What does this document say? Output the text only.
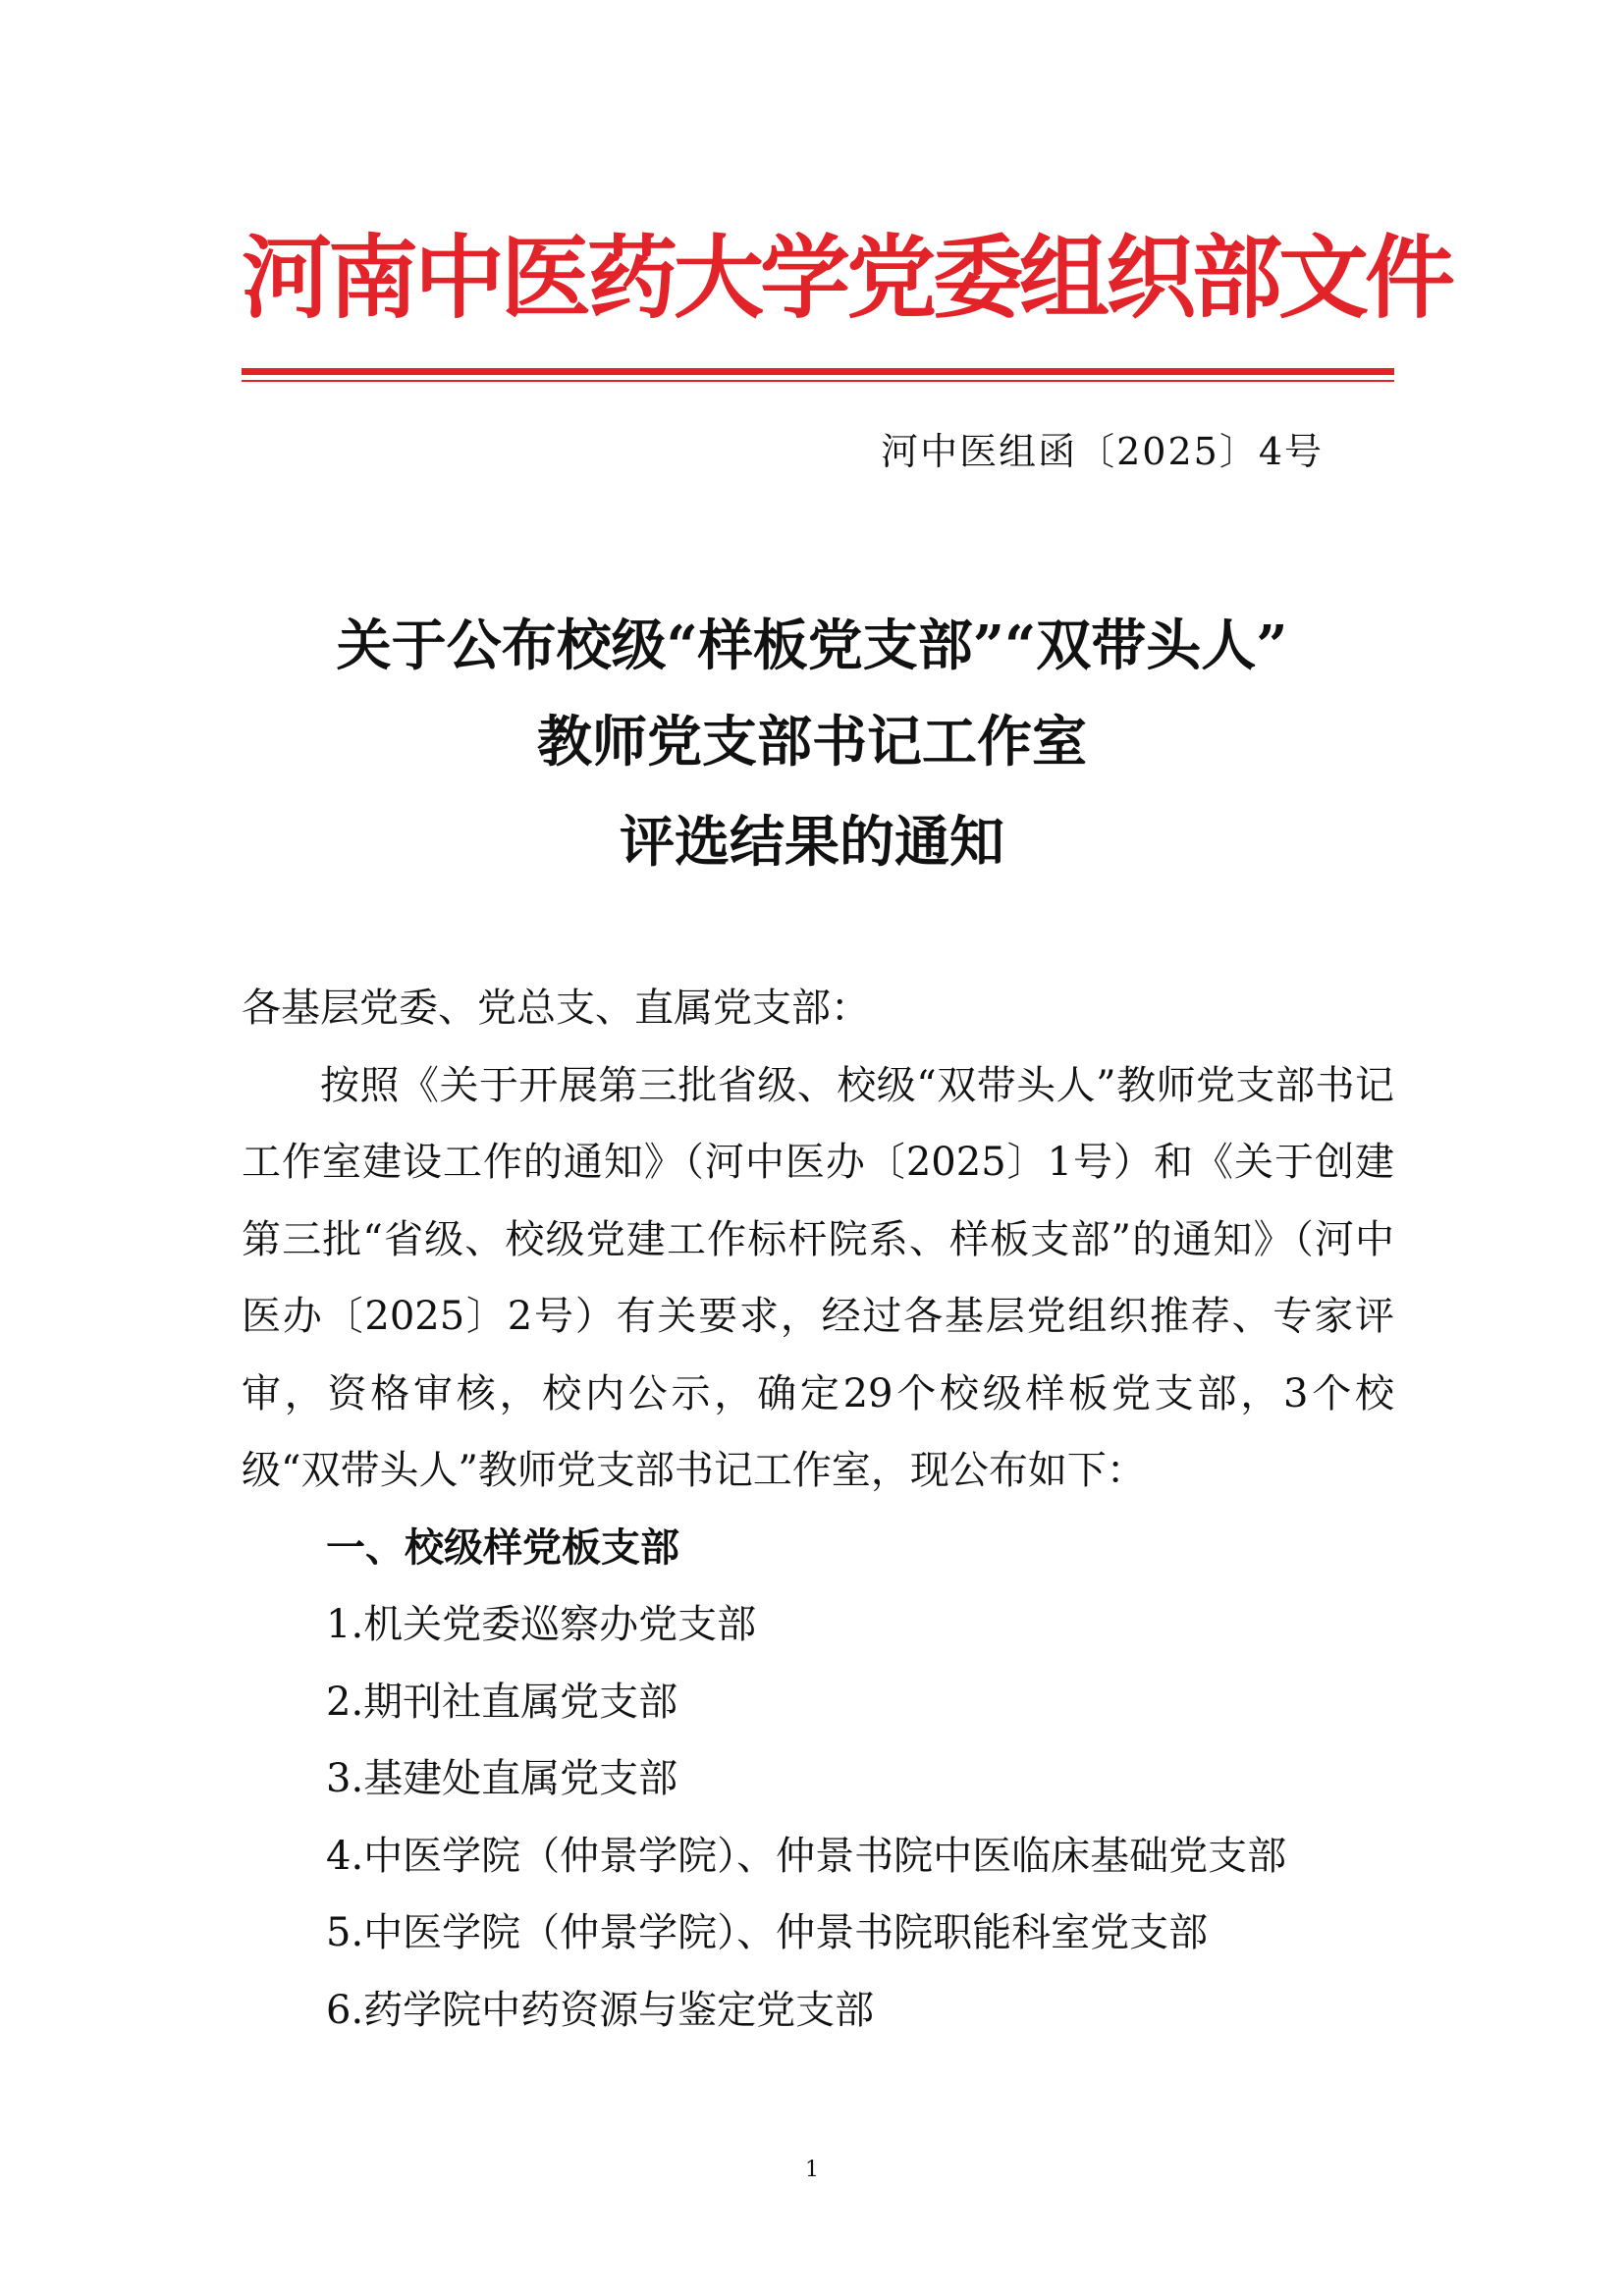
河南中医药大学党委组织部文件
河中医组函〔2025〕4号
关于公布校级“样板党支部”“双带头人”
教师党支部书记工作室
评选结果的通知

各基层党委、党总支、直属党支部：

按照《关于开展第三批省级、校级“双带头人”教师党支部书记工作室建设工作的通知》（河中医办〔2025〕1号）和《关于创建第三批“省级、校级党建工作标杆院系、样板支部”的通知》（河中医办〔2025〕2号）有关要求，经过各基层党组织推荐、专家评审，资格审核，校内公示，确定29个校级样板党支部，3个校级“双带头人”教师党支部书记工作室，现公布如下：

一、校级样党板支部

1.机关党委巡察办党支部

2.期刊社直属党支部

3.基建处直属党支部

4.中医学院（仲景学院）、仲景书院中医临床基础党支部

5.中医学院（仲景学院）、仲景书院职能科室党支部

6.药学院中药资源与鉴定党支部

1
